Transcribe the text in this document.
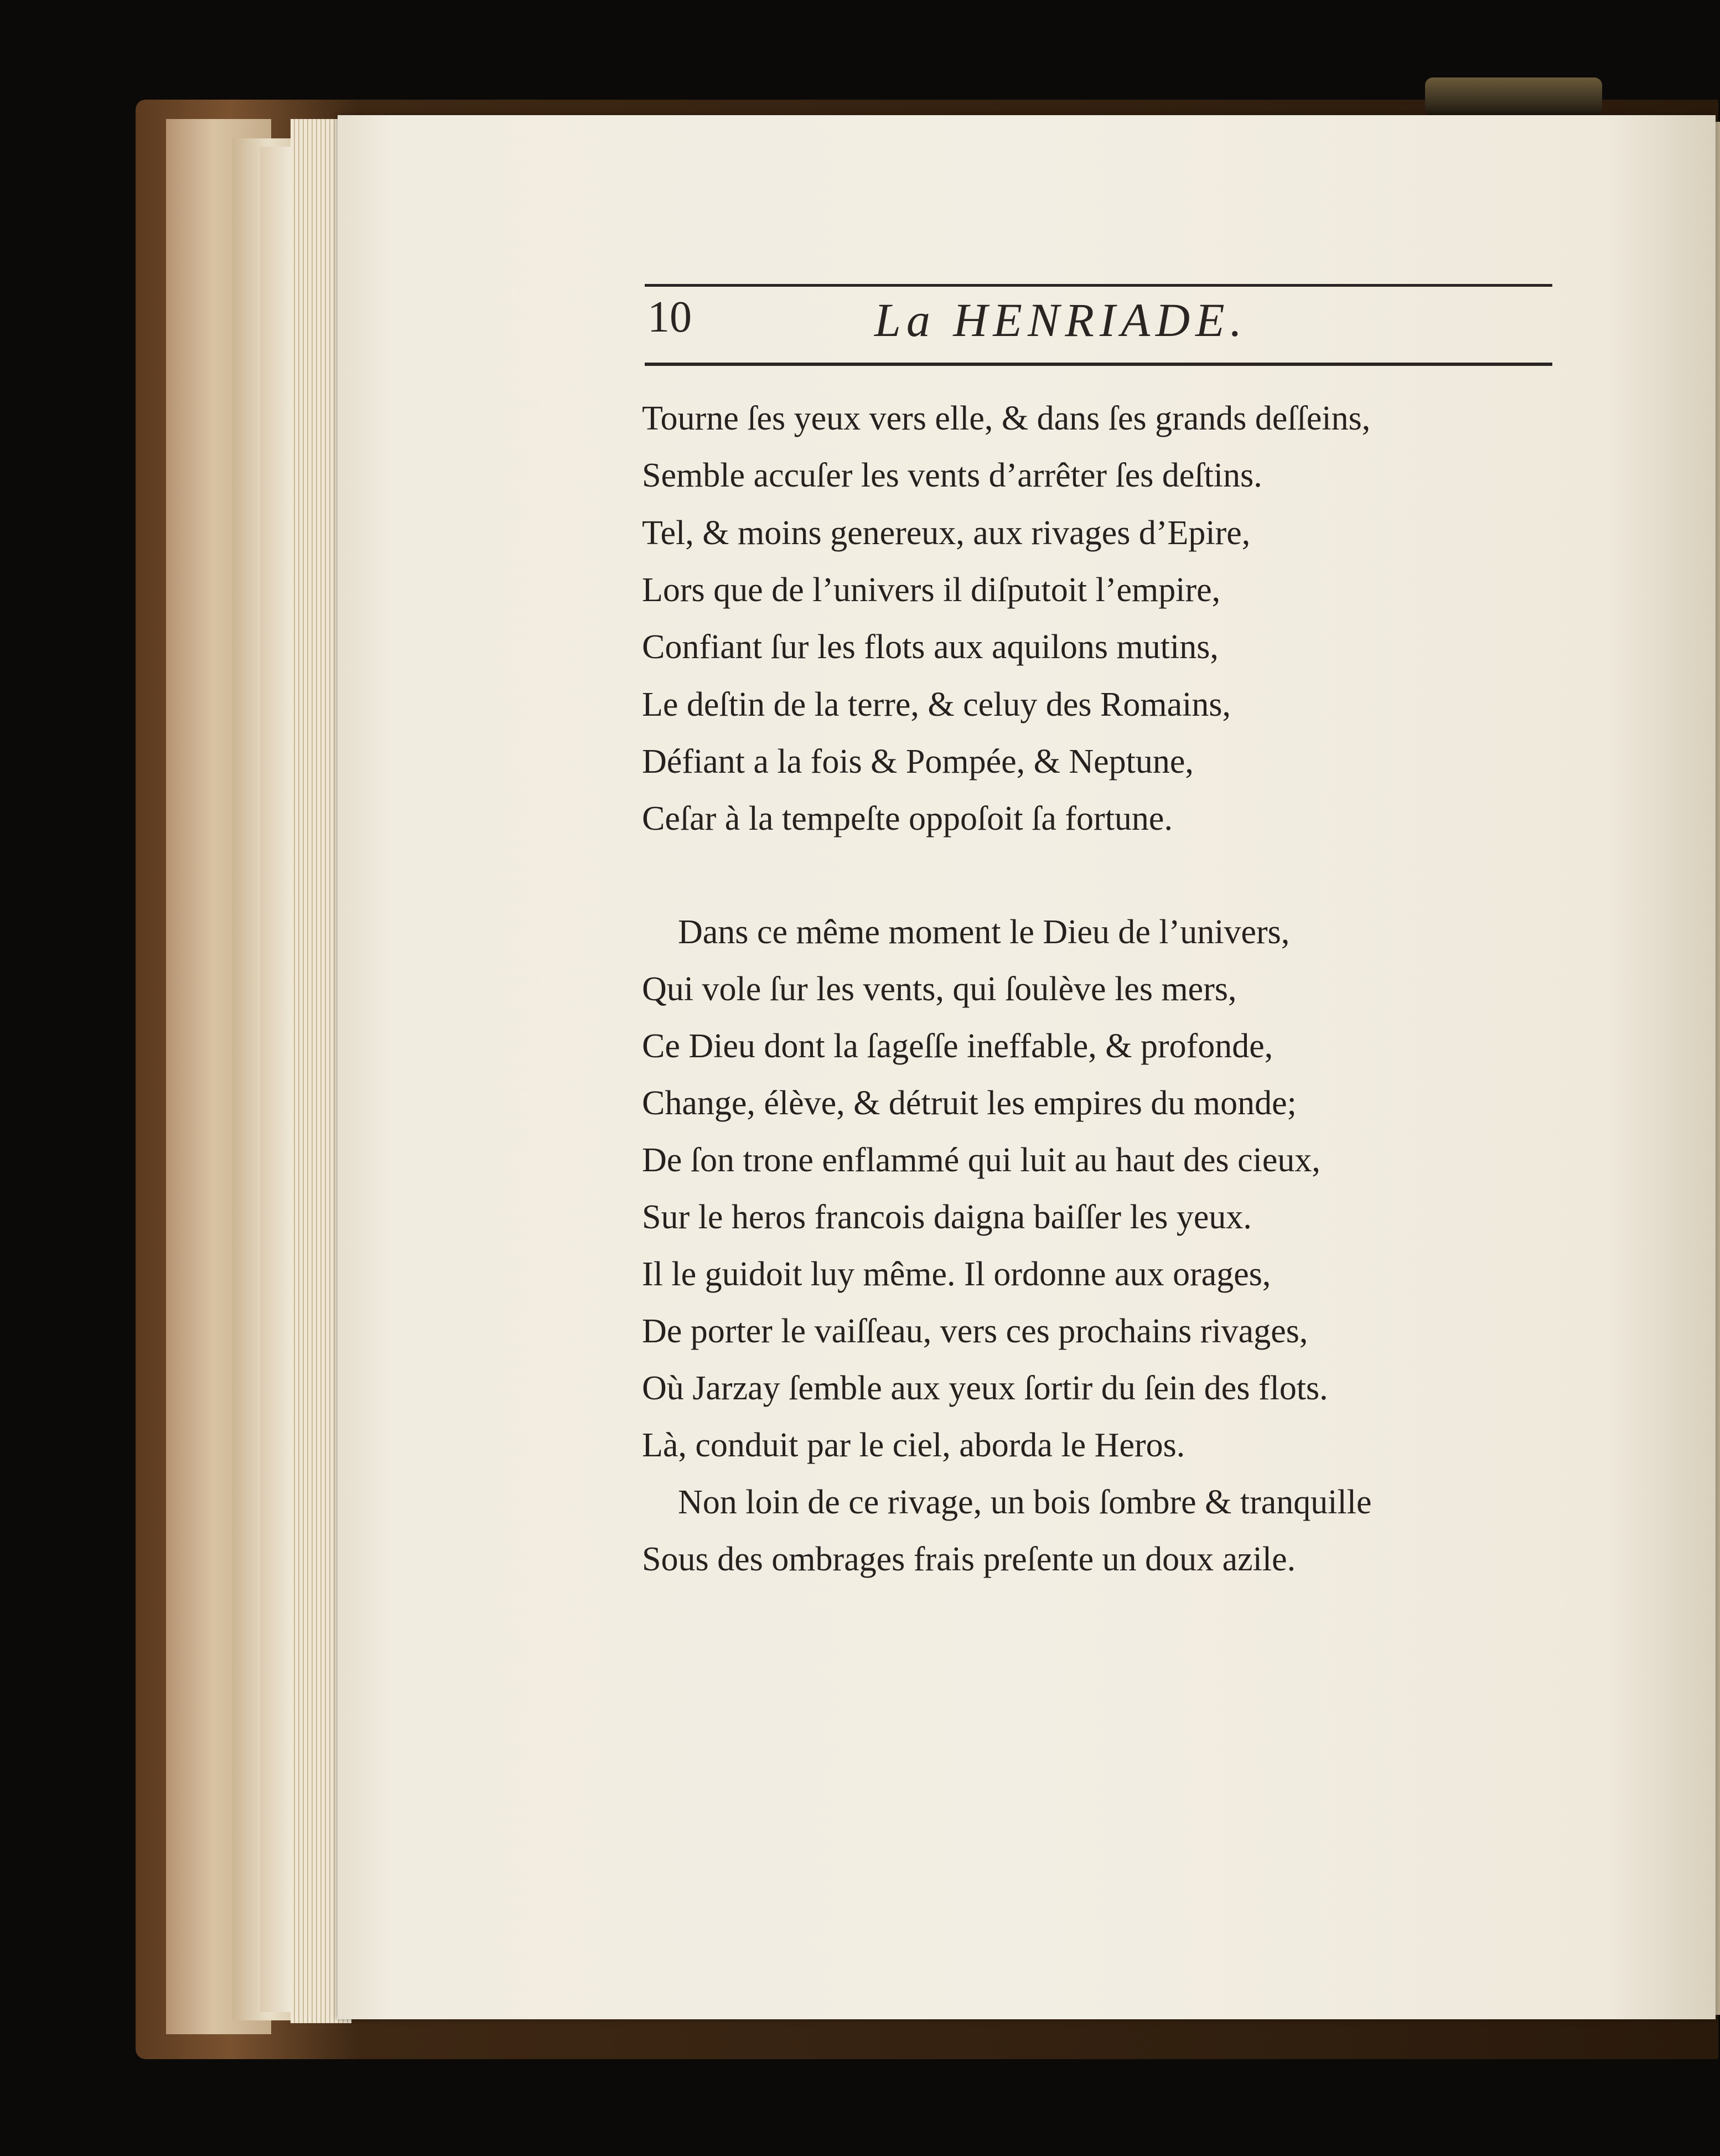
10	La HENRIADE.
Tourne ſes yeux vers elle, & dans ſes grands deſſeins,
Semble accuſer les vents d’arrêter ſes deſtins.
Tel, & moins genereux, aux rivages d’Epire,
Lors que de l’univers il diſputoit l’empire,
Confiant ſur les flots aux aquilons mutins,
Le deſtin de la terre, & celuy des Romains,
Défiant a la fois & Pompée, & Neptune,
Ceſar à la tempeſte oppoſoit ſa fortune.
Dans ce même moment le Dieu de l’univers,
Qui vole ſur les vents, qui ſoulève les mers,
Ce Dieu dont la ſageſſe ineffable, & profonde,
Change, élève, & détruit les empires du monde;
De ſon trone enflammé qui luit au haut des cieux,
Sur le heros francois daigna baiſſer les yeux.
Il le guidoit luy même. Il ordonne aux orages,
De porter le vaiſſeau, vers ces prochains rivages,
Où Jarzay ſemble aux yeux ſortir du ſein des flots.
Là, conduit par le ciel, aborda le Heros.
Non loin de ce rivage, un bois ſombre & tranquille
Sous des ombrages frais preſente un doux azile.
